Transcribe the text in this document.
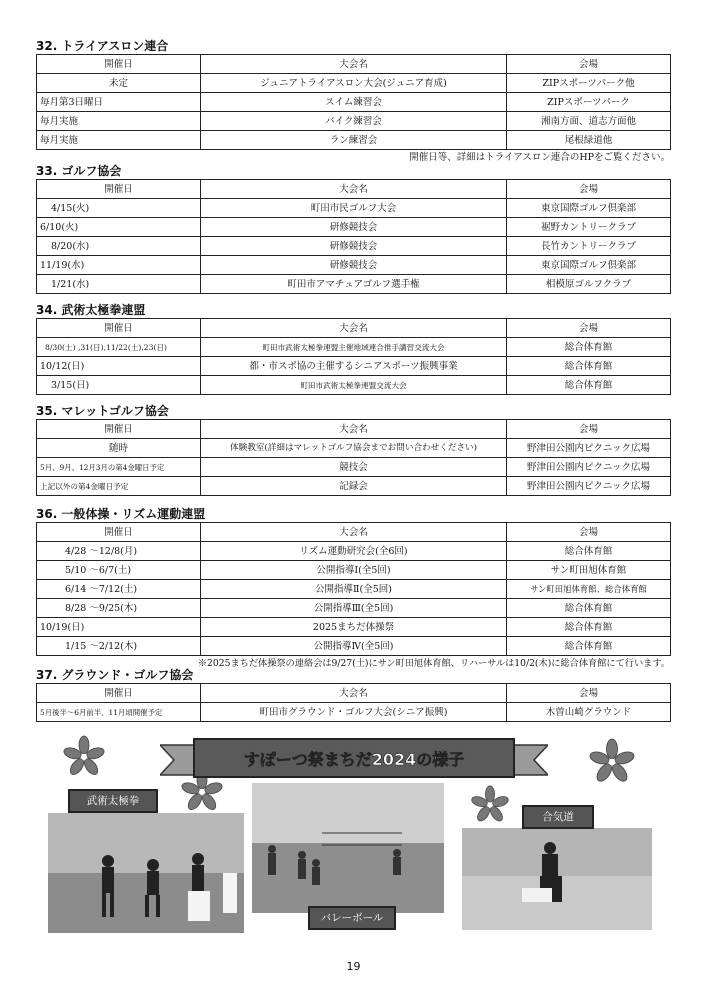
32. トライアスロン連合
開催日	大会名	会場
未定	ジュニアトライアスロン大会(ジュニア育成)	ZIPスポーツパーク他
毎月第3日曜日	スイム練習会	ZIPスポーツパーク
毎月実施	バイク練習会	湘南方面、道志方面他
毎月実施	ラン練習会	尾根緑道他
開催日等、詳細はトライアスロン連合のHPをご覧ください。
33. ゴルフ協会
開催日	大会名	会場
4/15(火)	町田市民ゴルフ大会	東京国際ゴルフ倶楽部
6/10(火)	研修競技会	裾野カントリークラブ
8/20(水)	研修競技会	長竹カントリークラブ
11/19(水)	研修競技会	東京国際ゴルフ倶楽部
1/21(水)	町田市アマチュアゴルフ選手権	相模原ゴルフクラブ
34. 武術太極拳連盟
開催日	大会名	会場
8/30(土) ,31(日),11/22(土),23(日)	町田市武術太極拳連盟主催地域連合推手講習交流大会	総合体育館
10/12(日)	都・市スポ協の主催するシニアスポーツ振興事業	総合体育館
3/15(日)	町田市武術太極拳連盟交流大会	総合体育館
35. マレットゴルフ協会
開催日	大会名	会場
随時	体験教室(詳細はマレットゴルフ協会までお問い合わせください)	野津田公園内ピクニック広場
5月、9月、12月3月の第4金曜日予定	競技会	野津田公園内ピクニック広場
上記以外の第4金曜日予定	記録会	野津田公園内ピクニック広場
36. 一般体操・リズム運動連盟
開催日	大会名	会場
4/28 ～12/8(月)	リズム運動研究会(全6回)	総合体育館
5/10 ～6/7(土)	公開指導Ⅰ(全5回)	サン町田旭体育館
6/14 ～7/12(土)	公開指導Ⅱ(全5回)	サン町田旭体育館、総合体育館
8/28 ～9/25(木)	公開指導Ⅲ(全5回)	総合体育館
10/19(日)	2025まちだ体操祭	総合体育館
1/15 ～2/12(木)	公開指導Ⅳ(全5回)	総合体育館
※2025まちだ体操祭の連絡会は9/27(土)にサン町田旭体育館、リハーサルは10/2(木)に総合体育館にて行います。
37. グラウンド・ゴルフ協会
開催日	大会名	会場
5月後半～6月前半、11月頃開催予定	町田市グラウンド・ゴルフ大会(シニア振興)	木曽山崎グラウンド
すぽーつ祭まちだ2024の様子
武術太極拳
バレーボール
合気道
19
